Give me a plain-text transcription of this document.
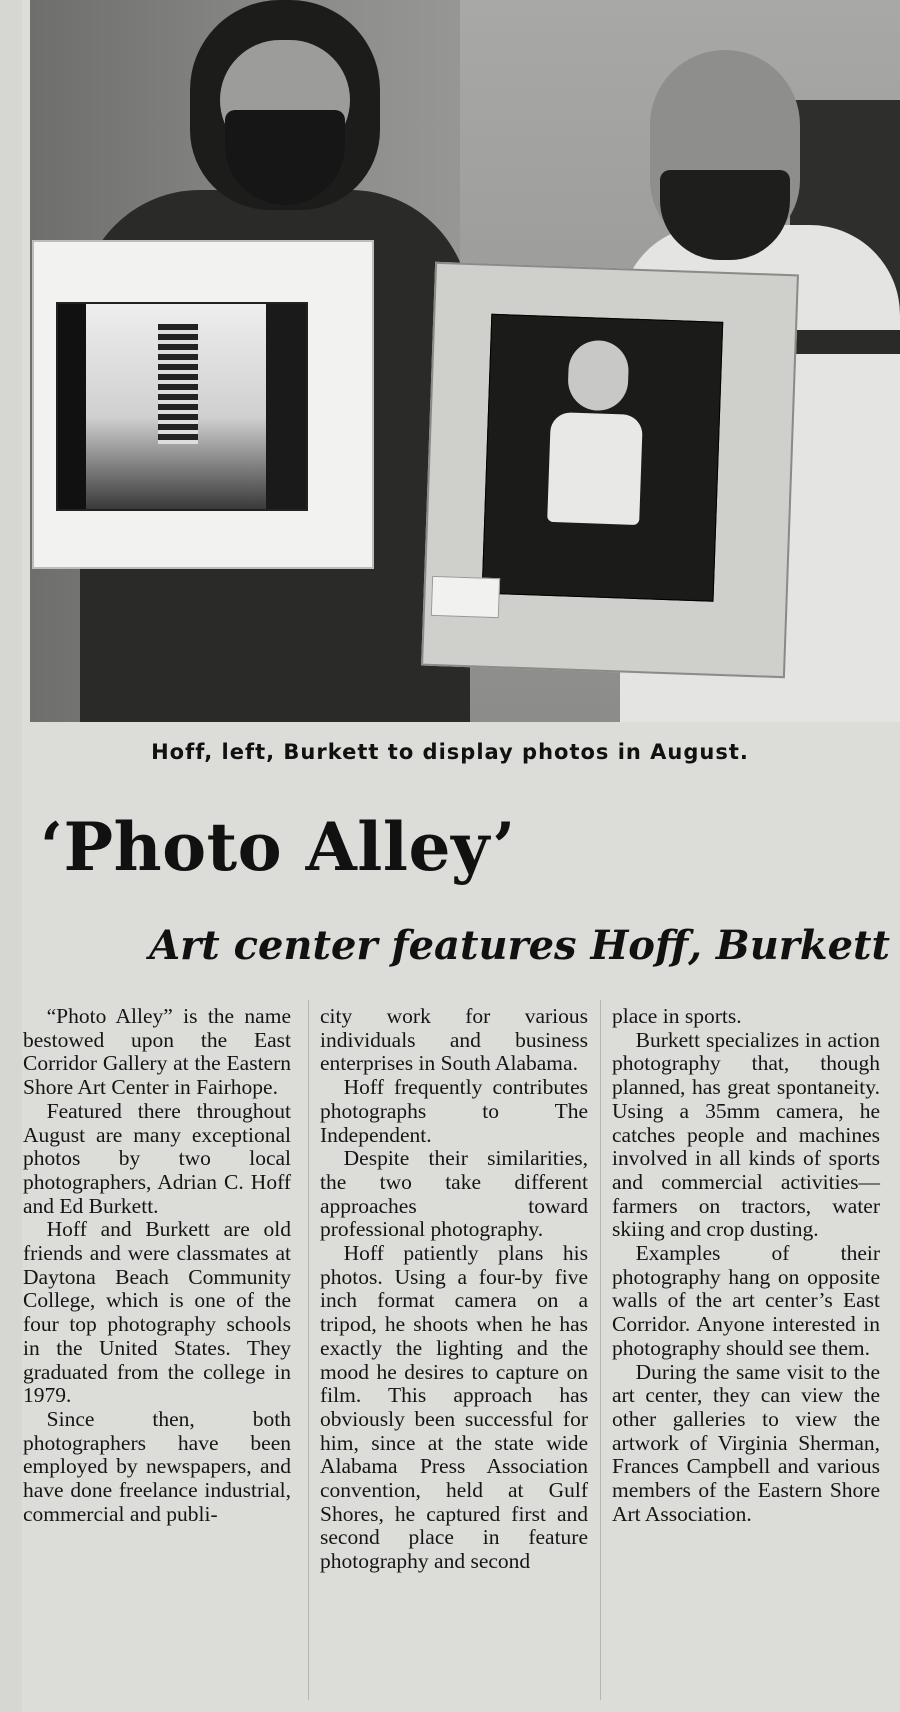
Hoff, left, Burkett to display photos in August.
‘Photo Alley’
Art center features Hoff, Burkett

“Photo Alley” is the name bestowed upon the East Corridor Gallery at the Eastern Shore Art Center in Fairhope.

Featured there throughout August are many exceptional photos by two local photographers, Adrian C. Hoff and Ed Burkett.

Hoff and Burkett are old friends and were classmates at Daytona Beach Community College, which is one of the four top photography schools in the United States. They graduated from the college in 1979.

Since then, both photographers have been employed by newspapers, and have done freelance industrial, commercial and publi-

city work for various individuals and business enterprises in South Alabama.

Hoff frequently contributes photographs to The Independent.

Despite their similarities, the two take different approaches toward professional photography.

Hoff patiently plans his photos. Using a four-by five inch format camera on a tripod, he shoots when he has exactly the lighting and the mood he desires to capture on film. This approach has obviously been successful for him, since at the state wide Alabama Press Association convention, held at Gulf Shores, he captured first and second place in feature photography and second

place in sports.

Burkett specializes in action photography that, though planned, has great spontaneity. Using a 35mm camera, he catches people and machines involved in all kinds of sports and commercial activities—farmers on tractors, water skiing and crop dusting.

Examples of their photography hang on opposite walls of the art center’s East Corridor. Anyone interested in photography should see them.

During the same visit to the art center, they can view the other galleries to view the artwork of Virginia Sherman, Frances Campbell and various members of the Eastern Shore Art Association.
